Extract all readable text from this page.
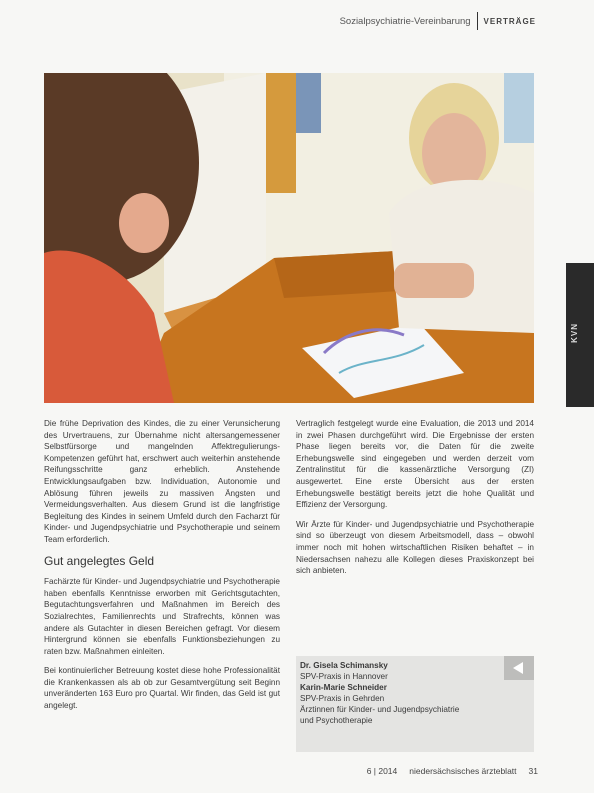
Sozialpsychiatrie-Vereinbarung VERTRÄGE
KVN

Die frühe Deprivation des Kindes, die zu einer Verunsicherung des Urvertrauens, zur Übernahme nicht altersangemessener Selbstfürsorge und mangelnden Affektregulierungs-Kompetenzen geführt hat, erschwert auch weiterhin anstehende Reifungsschritte ganz erheblich. Anstehende Entwicklungsaufgaben bzw. Individuation, Autonomie und Ablösung führen jeweils zu massiven Ängsten und Vermeidungsverhalten. Aus diesem Grund ist die langfristige Begleitung des Kindes in seinem Umfeld durch den Facharzt für Kinder- und Jugendpsychiatrie und Psychotherapie und seinem Team erforderlich.

Gut angelegtes Geld

Fachärzte für Kinder- und Jugendpsychiatrie und Psychotherapie haben ebenfalls Kenntnisse erworben mit Gerichtsgutachten, Begutachtungsverfahren und Maßnahmen im Bereich des Sozialrechtes, Familienrechts und Strafrechts, können was andere als Gutachter in diesen Bereichen gefragt. Vor diesem Hintergrund können sie ebenfalls Funktionsbeziehungen zu raten bzw. Maßnahmen einleiten.

Bei kontinuierlicher Betreuung kostet diese hohe Professionalität die Krankenkassen als ab ob zur Gesamtvergütung seit Beginn unveränderten 163 Euro pro Quartal. Wir finden, das Geld ist gut angelegt.

Vertraglich festgelegt wurde eine Evaluation, die 2013 und 2014 in zwei Phasen durchgeführt wird. Die Ergebnisse der ersten Phase liegen bereits vor, die Daten für die zweite Erhebungswelle sind eingegeben und werden derzeit vom Zentralinstitut für die kassenärztliche Versorgung (ZI) ausgewertet. Eine erste Übersicht aus der ersten Erhebungswelle bestätigt bereits jetzt die hohe Qualität und Effizienz der Versorgung.

Wir Ärzte für Kinder- und Jugendpsychiatrie und Psychotherapie sind so überzeugt von diesem Arbeitsmodell, dass – obwohl immer noch mit hohen wirtschaftlichen Risiken behaftet – in Niedersachsen nahezu alle Kollegen dieses Praxiskonzept bei sich anbieten.

Dr. Gisela Schimansky
SPV-Praxis in Hannover
Karin-Marie Schneider
SPV-Praxis in Gehrden
Ärztinnen für Kinder- und Jugendpsychiatrie
und Psychotherapie
6 | 2014 niedersächsisches ärzteblatt 31
